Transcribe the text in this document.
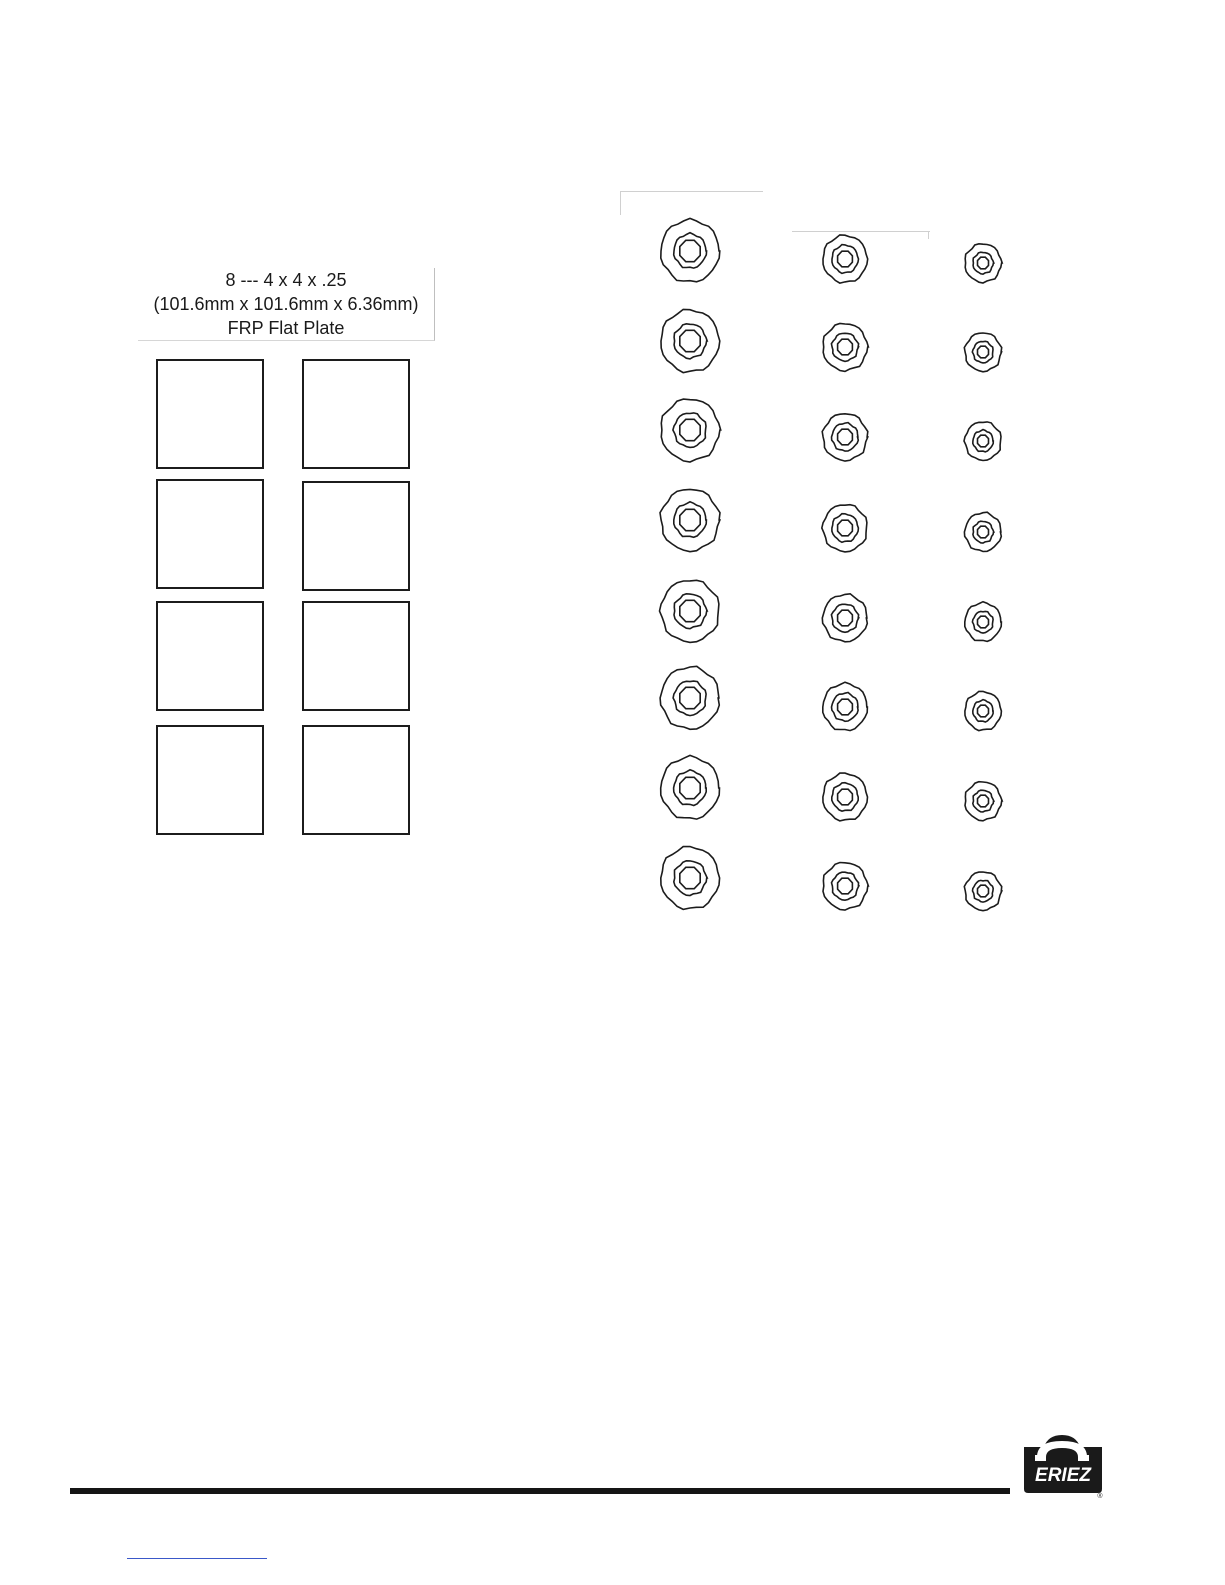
8 --- 4 x 4 x .25
(101.6mm x 101.6mm x 6.36mm)
FRP Flat Plate
ERIEZ
®
